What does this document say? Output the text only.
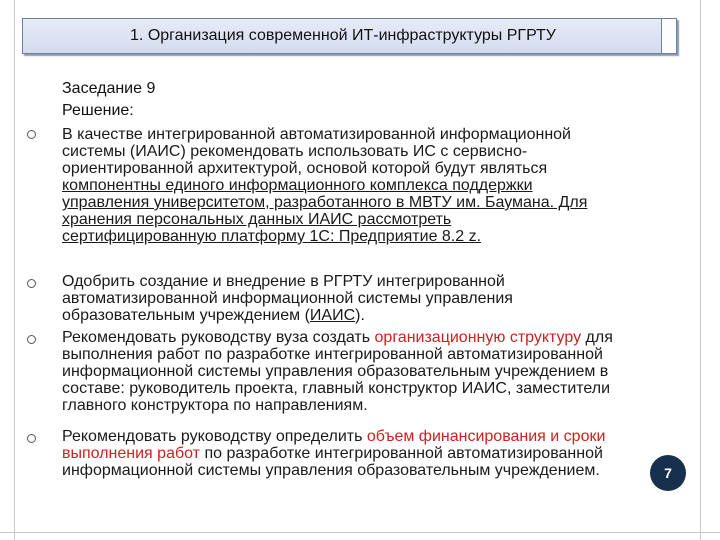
1. Организация современной ИТ-инфраструктуры РГРТУ
Заседание 9
Решение:
В качестве интегрированной автоматизированной информационной
системы (ИАИС) рекомендовать использовать ИС с сервисно-
ориентированной архитектурой, основой которой будут являться
компонентны единого информационного комплекса поддержки
управления университетом, разработанного в МВТУ им. Баумана. Для
хранения персональных данных ИАИС рассмотреть
сертифицированную платформу 1С: Предприятие 8.2 z.
Одобрить создание и внедрение в РГРТУ интегрированной
автоматизированной информационной системы управления
образовательным учреждением (ИАИС).
Рекомендовать руководству вуза создать организационную структуру для
выполнения работ по разработке интегрированной автоматизированной
информационной системы управления образовательным учреждением в
составе: руководитель проекта, главный конструктор ИАИС, заместители
главного конструктора по направлениям.
Рекомендовать руководству определить объем финансирования и сроки
выполнения работ по разработке интегрированной автоматизированной
информационной системы управления образовательным учреждением.	7
